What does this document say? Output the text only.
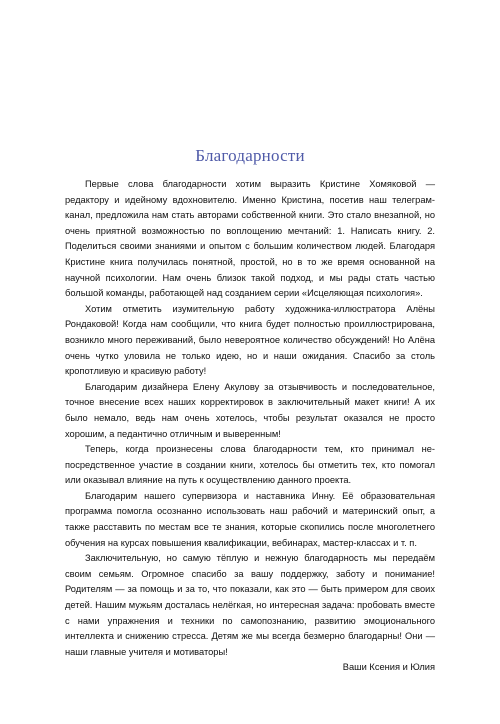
Благодарности

Первые слова благодарности хотим выразить Кристине Хомяковой — редактору и идейному вдохновителю. Именно Кристина, посетив наш телеграм-канал, предложила нам стать авторами собственной книги. Это стало внезапной, но очень приятной возможностью по воплощению мечтаний: 1. Написать книгу. 2. Поделиться своими знаниями и опытом с большим количеством людей. Благодаря Кристине книга получилась понятной, простой, но в то же время основанной на научной психологии. Нам очень близок такой подход, и мы рады стать частью большой команды, работающей над созданием серии «Исцеляющая психология».

Хотим отметить изумительную работу художника-иллюстратора Алёны Рондаковой! Когда нам сообщили, что книга будет полностью проиллюстрирована, возникло много переживаний, было невероятное количество обсуждений! Но Алёна очень чутко уловила не только идею, но и наши ожидания. Спасибо за столь кропотливую и красивую работу!

Благодарим дизайнера Елену Акулову за отзывчивость и последовательное, точное внесение всех наших корректировок в заключительный макет книги! А их было немало, ведь нам очень хотелось, чтобы результат оказался не просто хорошим, а педантично отличным и выверенным!

Теперь, когда произнесены слова благодарности тем, кто принимал непосредственное участие в создании книги, хотелось бы отметить тех, кто помогал или оказывал влияние на путь к осуществлению данного проекта.

Благодарим нашего супервизора и наставника Инну. Её образовательная программа помогла осознанно использовать наш рабочий и материнский опыт, а также расставить по местам все те знания, которые скопились после многолетнего обучения на курсах повышения квалификации, вебинарах, мастер-классах и т. п.

Заключительную, но самую тёплую и нежную благодарность мы передаём своим семьям. Огромное спасибо за вашу поддержку, заботу и понимание! Родителям — за помощь и за то, что показали, как это — быть примером для своих детей. Нашим мужьям досталась нелёгкая, но интересная задача: пробовать вместе с нами упражнения и техники по самопознанию, развитию эмоционального интеллекта и снижению стресса. Детям же мы всегда безмерно благодарны! Они — наши главные учителя и мотиваторы!

Ваши Ксения и Юлия
